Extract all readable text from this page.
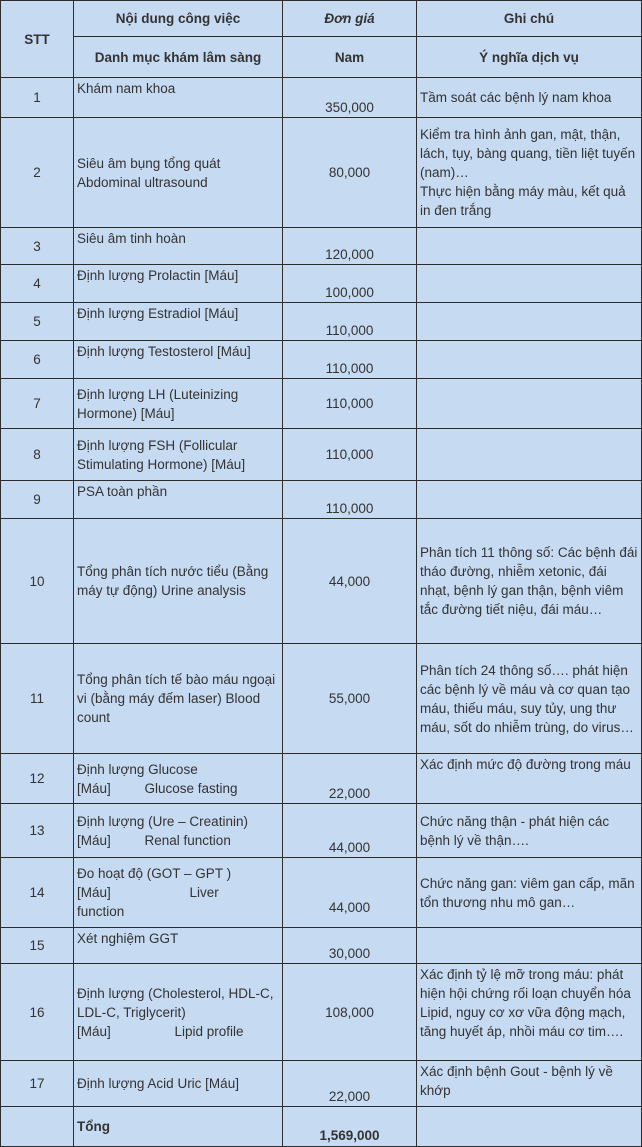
STT	Nội dung công việc	Đơn giá	Ghi chú
	Danh mục khám lâm sàng	Nam	Ý nghĩa dịch vụ
1	Khám nam khoa	350,000	Tầm soát các bệnh lý nam khoa
2	Siêu âm bụng tổng quát Abdominal ultrasound	80,000	Kiểm tra hình ảnh gan, mật, thận, lách, tụy, bàng quang, tiền liệt tuyến (nam)…
Thực hiện bằng máy màu, kết quả in đen trắng
3	Siêu âm tinh hoàn	120,000	
4	Định lượng Prolactin [Máu]	100,000	
5	Định lượng Estradiol [Máu]	110,000	
6	Định lượng Testosterol [Máu]	110,000	
7	Định lượng LH (Luteinizing Hormone) [Máu]	110,000	
8	Định lượng FSH (Follicular Stimulating Hormone) [Máu]	110,000	
9	PSA toàn phần	110,000	
10	Tổng phân tích nước tiểu (Bằng máy tự động) Urine analysis	44,000	Phân tích 11 thông số: Các bệnh đái tháo đường, nhiễm xetonic, đái nhạt, bệnh lý gan thận, bệnh viêm tắc đường tiết niệu, đái máu…
11	Tổng phân tích tế bào máu ngoại vi (bằng máy đếm laser) Blood count	55,000	Phân tích 24 thông số…. phát hiện các bệnh lý về máu và cơ quan tạo máu, thiếu máu, suy tủy, ung thư máu, sốt do nhiễm trùng, do virus…
12	Định lượng Glucose
[Máu]         Glucose fasting	22,000	Xác định mức độ đường trong máu
13	Định lượng (Ure – Creatinin)
[Máu]         Renal function	44,000	Chức năng thận - phát hiện các bệnh lý về thận….
14	Đo hoạt độ (GOT – GPT )
[Máu]                     Liver
function	44,000	Chức năng gan: viêm gan cấp, mãn tổn thương nhu mô gan…
15	Xét nghiệm GGT	30,000	
16	Định lượng (Cholesterol, HDL-C, LDL-C, Triglycerit)
[Máu]                 Lipid profile	108,000	Xác định tỷ lệ mỡ trong máu: phát hiện hội chứng rối loạn chuyển hóa Lipid, nguy cơ xơ vữa động mạch, tăng huyết áp, nhồi máu cơ tim….
17	Định lượng Acid Uric [Máu]	22,000	Xác định bệnh Gout - bệnh lý về khớp
	Tổng	1,569,000	
